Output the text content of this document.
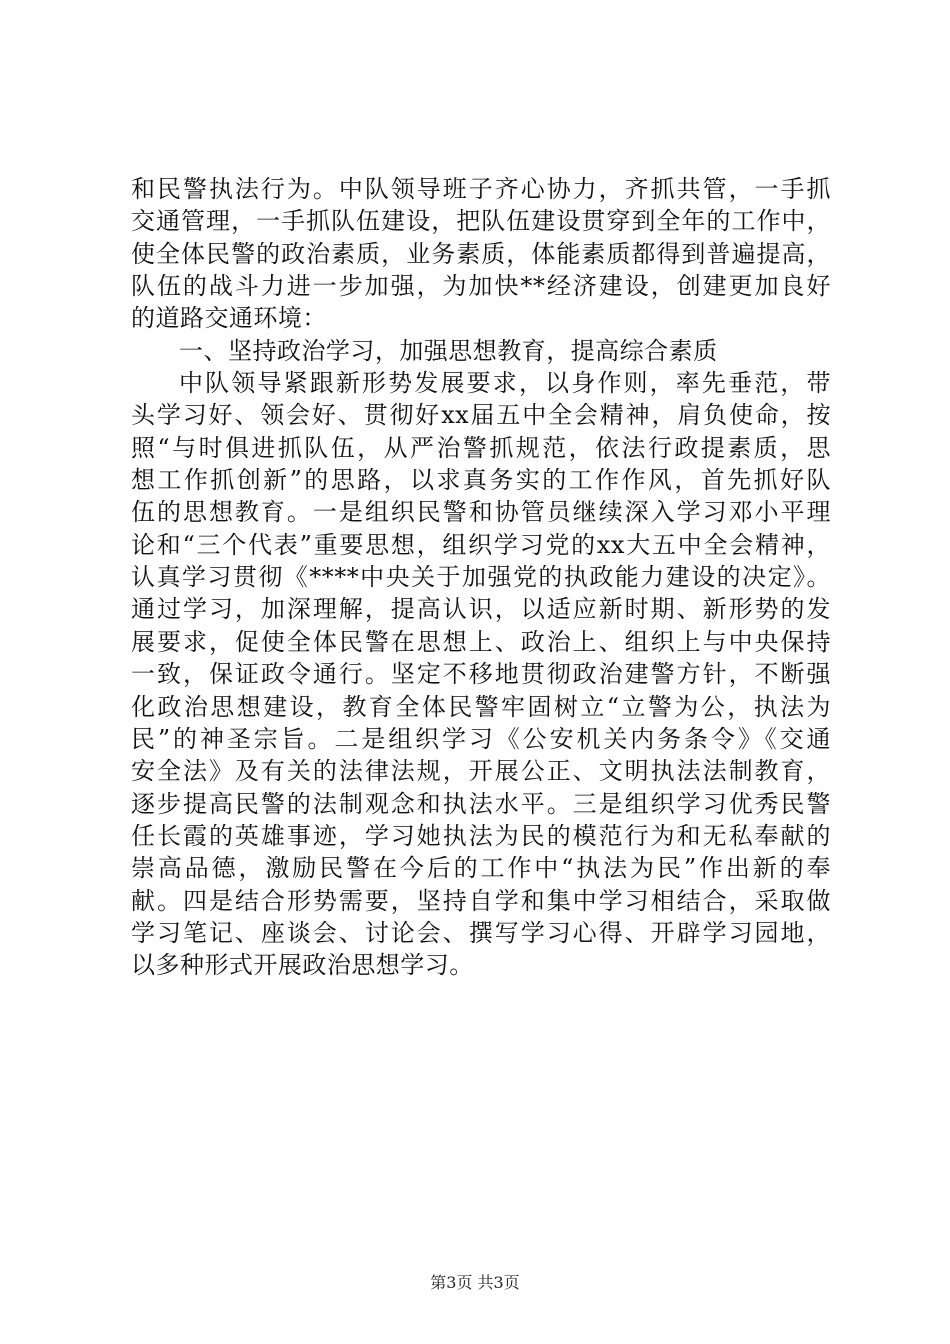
和民警执法行为。中队领导班子齐心协力，齐抓共管，一手抓
交通管理，一手抓队伍建设，把队伍建设贯穿到全年的工作中，
使全体民警的政治素质，业务素质，体能素质都得到普遍提高，
队伍的战斗力进一步加强，为加快**经济建设，创建更加良好
的道路交通环境：
一、坚持政治学习，加强思想教育，提高综合素质
中队领导紧跟新形势发展要求，以身作则，率先垂范，带
头学习好、领会好、贯彻好xx届五中全会精神，肩负使命，按
照“与时俱进抓队伍，从严治警抓规范，依法行政提素质，思
想工作抓创新”的思路，以求真务实的工作作风，首先抓好队
伍的思想教育。一是组织民警和协管员继续深入学习邓小平理
论和“三个代表”重要思想，组织学习党的xx大五中全会精神，
认真学习贯彻《****中央关于加强党的执政能力建设的决定》。
通过学习，加深理解，提高认识，以适应新时期、新形势的发
展要求，促使全体民警在思想上、政治上、组织上与中央保持
一致，保证政令通行。坚定不移地贯彻政治建警方针，不断强
化政治思想建设，教育全体民警牢固树立“立警为公，执法为
民”的神圣宗旨。二是组织学习《公安机关内务条令》《交通
安全法》及有关的法律法规，开展公正、文明执法法制教育，
逐步提高民警的法制观念和执法水平。三是组织学习优秀民警
任长霞的英雄事迹，学习她执法为民的模范行为和无私奉献的
崇高品德，激励民警在今后的工作中“执法为民”作出新的奉
献。四是结合形势需要，坚持自学和集中学习相结合，采取做
学习笔记、座谈会、讨论会、撰写学习心得、开辟学习园地，
以多种形式开展政治思想学习。
第3页 共3页
